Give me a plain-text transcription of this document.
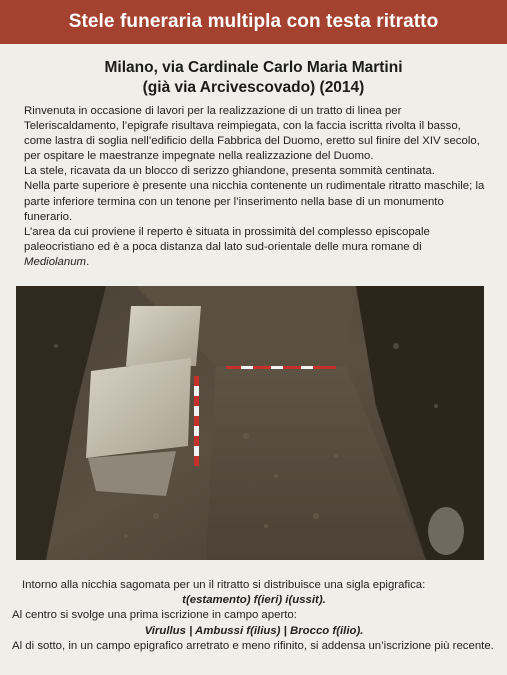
Stele funeraria multipla con testa ritratto
Milano, via Cardinale Carlo Maria Martini
(già via Arcivescovado) (2014)

Rinvenuta in occasione di lavori per la realizzazione di un tratto di linea per Teleriscaldamento, l’epigrafe risultava reimpiegata, con la faccia iscritta rivolta il basso, come lastra di soglia nell’edificio della Fabbrica del Duomo, eretto sul finire del XIV secolo, per ospitare le maestranze impegnate nella realizzazione del Duomo.

La stele, ricavata da un blocco di serizzo ghiandone, presenta sommità centinata.

Nella parte superiore è presente una nicchia contenente un rudimentale ritratto maschile; la parte inferiore termina con un tenone per l’inserimento nella base di un monumento funerario.

L’area da cui proviene il reperto è situata in prossimità del complesso episcopale paleocristiano ed è a poca distanza dal lato sud-orientale delle mura romane di Mediolanum.

Intorno alla nicchia sagomata per un il ritratto si distribuisce una sigla epigrafica:

t(estamento) f(ieri) i(ussit).

Al centro si svolge una prima iscrizione in campo aperto:

Virullus | Ambussi f(ilius) | Brocco f(ilio).

Al di sotto, in un campo epigrafico arretrato e meno rifinito, si addensa un’iscrizione più recente.
